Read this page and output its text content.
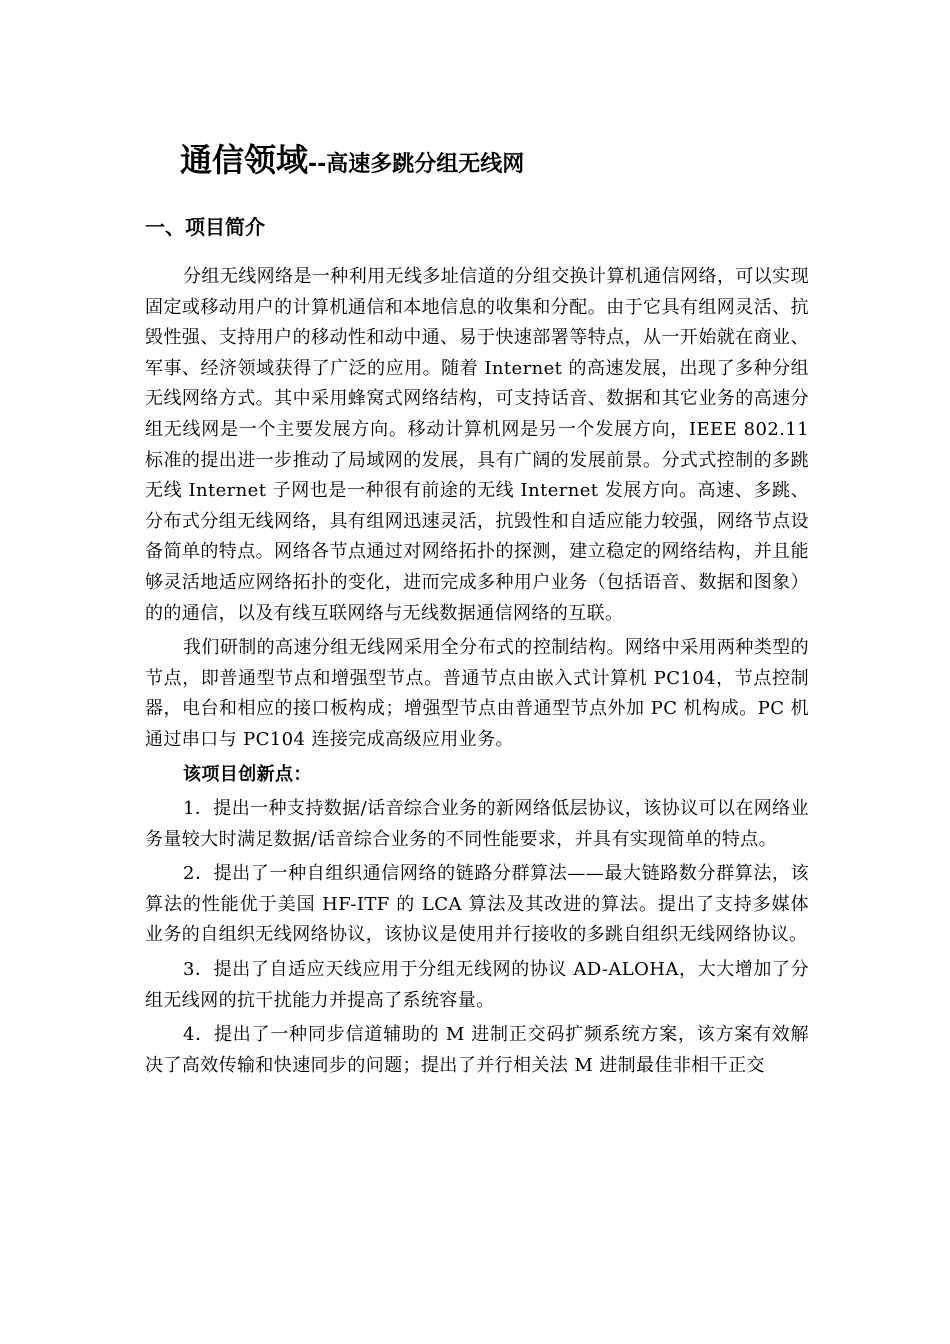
通信领域--高速多跳分组无线网
一、项目简介

分组无线网络是一种利用无线多址信道的分组交换计算机通信网络，可以实现固定或移动用户的计算机通信和本地信息的收集和分配。由于它具有组网灵活、抗毁性强、支持用户的移动性和动中通、易于快速部署等特点，从一开始就在商业、军事、经济领域获得了广泛的应用。随着 Internet 的高速发展，出现了多种分组无线网络方式。其中采用蜂窝式网络结构，可支持话音、数据和其它业务的高速分组无线网是一个主要发展方向。移动计算机网是另一个发展方向，IEEE 802.11 标准的提出进一步推动了局域网的发展，具有广阔的发展前景。分式式控制的多跳无线 Internet 子网也是一种很有前途的无线 Internet 发展方向。高速、多跳、分布式分组无线网络，具有组网迅速灵活，抗毁性和自适应能力较强，网络节点设备简单的特点。网络各节点通过对网络拓扑的探测，建立稳定的网络结构，并且能够灵活地适应网络拓扑的变化，进而完成多种用户业务（包括语音、数据和图象）的的通信，以及有线互联网络与无线数据通信网络的互联。

我们研制的高速分组无线网采用全分布式的控制结构。网络中采用两种类型的节点，即普通型节点和增强型节点。普通节点由嵌入式计算机 PC104，节点控制器，电台和相应的接口板构成；增强型节点由普通型节点外加 PC 机构成。PC 机通过串口与 PC104 连接完成高级应用业务。

该项目创新点：

1．提出一种支持数据/话音综合业务的新网络低层协议，该协议可以在网络业务量较大时满足数据/话音综合业务的不同性能要求，并具有实现简单的特点。

2．提出了一种自组织通信网络的链路分群算法——最大链路数分群算法，该算法的性能优于美国 HF-ITF 的 LCA 算法及其改进的算法。提出了支持多媒体业务的自组织无线网络协议，该协议是使用并行接收的多跳自组织无线网络协议。

3．提出了自适应天线应用于分组无线网的协议 AD-ALOHA，大大增加了分组无线网的抗干扰能力并提高了系统容量。

4．提出了一种同步信道辅助的 M 进制正交码扩频系统方案，该方案有效解决了高效传输和快速同步的问题；提出了并行相关法 M 进制最佳非相干正交
